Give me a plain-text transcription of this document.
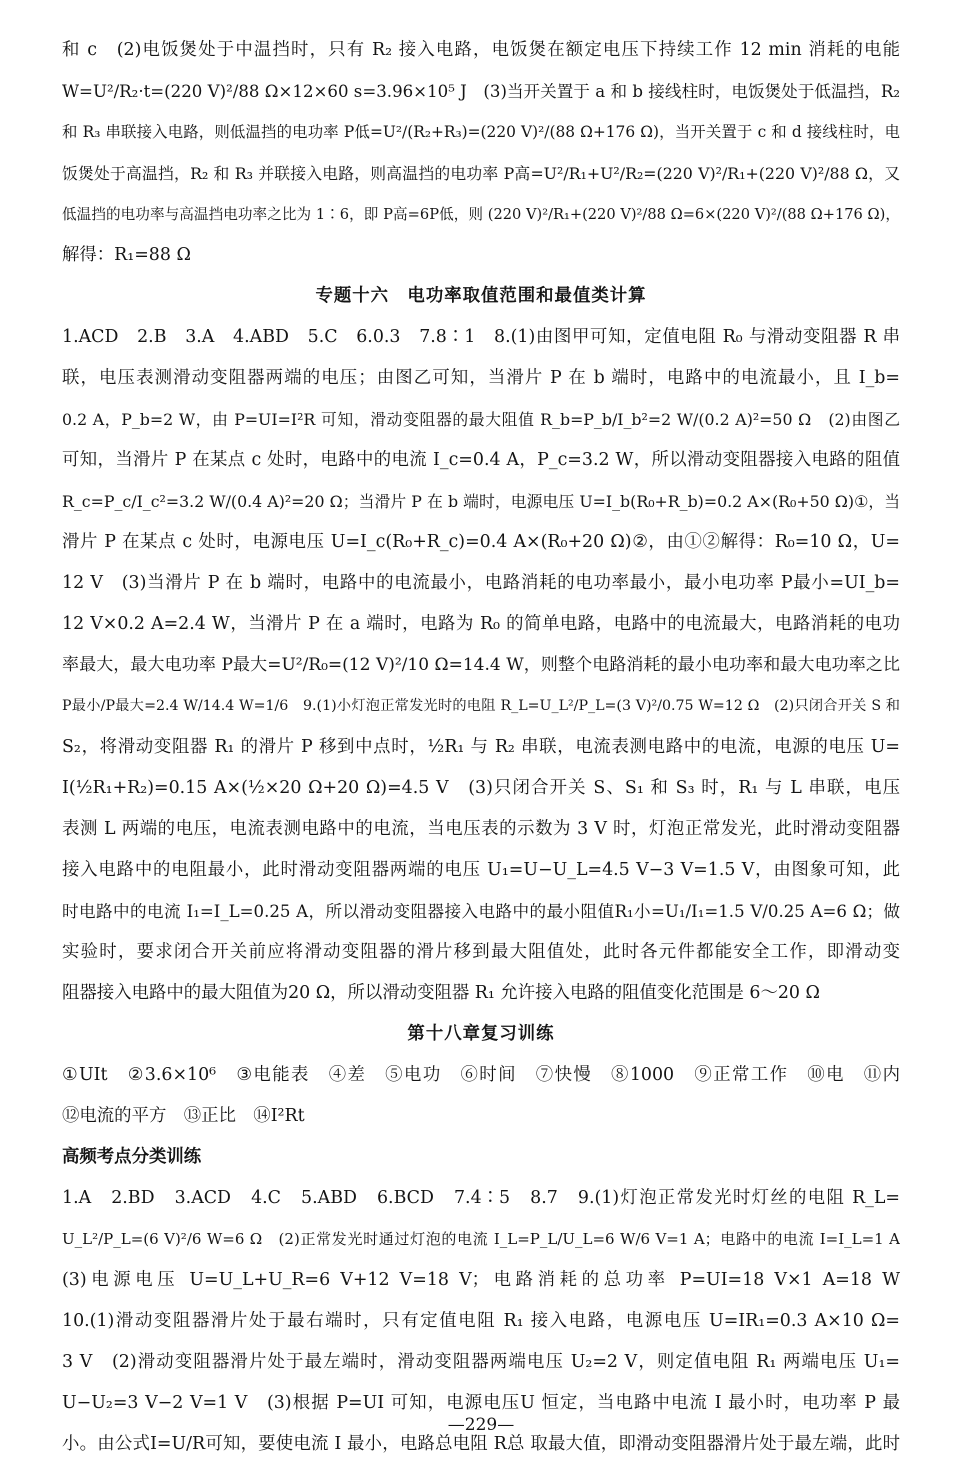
和 c　(2)电饭煲处于中温挡时，只有 R₂ 接入电路，电饭煲在额定电压下持续工作 12 min 消耗的电能
W=U²/R₂·t=(220 V)²/88 Ω×12×60 s=3.96×10⁵ J　(3)当开关置于 a 和 b 接线柱时，电饭煲处于低温挡，R₂
和 R₃ 串联接入电路，则低温挡的电功率 P低=U²/(R₂+R₃)=(220 V)²/(88 Ω+176 Ω)，当开关置于 c 和 d 接线柱时，电
饭煲处于高温挡，R₂ 和 R₃ 并联接入电路，则高温挡的电功率 P高=U²/R₁+U²/R₂=(220 V)²/R₁+(220 V)²/88 Ω，又
低温挡的电功率与高温挡电功率之比为 1∶6，即 P高=6P低，则 (220 V)²/R₁+(220 V)²/88 Ω=6×(220 V)²/(88 Ω+176 Ω)，
解得：R₁=88 Ω
专题十六　电功率取值范围和最值类计算
1.ACD　2.B　3.A　4.ABD　5.C　6.0.3　7.8∶1　8.(1)由图甲可知，定值电阻 R₀ 与滑动变阻器 R 串
联，电压表测滑动变阻器两端的电压；由图乙可知，当滑片 P 在 b 端时，电路中的电流最小，且 I_b=
0.2 A，P_b=2 W，由 P=UI=I²R 可知，滑动变阻器的最大阻值 R_b=P_b/I_b²=2 W/(0.2 A)²=50 Ω　(2)由图乙
可知，当滑片 P 在某点 c 处时，电路中的电流 I_c=0.4 A，P_c=3.2 W，所以滑动变阻器接入电路的阻值
R_c=P_c/I_c²=3.2 W/(0.4 A)²=20 Ω；当滑片 P 在 b 端时，电源电压 U=I_b(R₀+R_b)=0.2 A×(R₀+50 Ω)①，当
滑片 P 在某点 c 处时，电源电压 U=I_c(R₀+R_c)=0.4 A×(R₀+20 Ω)②，由①②解得：R₀=10 Ω，U=
12 V　(3)当滑片 P 在 b 端时，电路中的电流最小，电路消耗的电功率最小，最小电功率 P最小=UI_b=
12 V×0.2 A=2.4 W，当滑片 P 在 a 端时，电路为 R₀ 的简单电路，电路中的电流最大，电路消耗的电功
率最大，最大电功率 P最大=U²/R₀=(12 V)²/10 Ω=14.4 W，则整个电路消耗的最小电功率和最大电功率之比
P最小/P最大=2.4 W/14.4 W=1/6　9.(1)小灯泡正常发光时的电阻 R_L=U_L²/P_L=(3 V)²/0.75 W=12 Ω　(2)只闭合开关 S 和
S₂，将滑动变阻器 R₁ 的滑片 P 移到中点时，½R₁ 与 R₂ 串联，电流表测电路中的电流，电源的电压 U=
I(½R₁+R₂)=0.15 A×(½×20 Ω+20 Ω)=4.5 V　(3)只闭合开关 S、S₁ 和 S₃ 时，R₁ 与 L 串联，电压
表测 L 两端的电压，电流表测电路中的电流，当电压表的示数为 3 V 时，灯泡正常发光，此时滑动变阻器
接入电路中的电阻最小，此时滑动变阻器两端的电压 U₁=U−U_L=4.5 V−3 V=1.5 V，由图象可知，此
时电路中的电流 I₁=I_L=0.25 A，所以滑动变阻器接入电路中的最小阻值R₁小=U₁/I₁=1.5 V/0.25 A=6 Ω；做
实验时，要求闭合开关前应将滑动变阻器的滑片移到最大阻值处，此时各元件都能安全工作，即滑动变
阻器接入电路中的最大阻值为20 Ω，所以滑动变阻器 R₁ 允许接入电路的阻值变化范围是 6～20 Ω
第十八章复习训练
①UIt　②3.6×10⁶　③电能表　④差　⑤电功　⑥时间　⑦快慢　⑧1000　⑨正常工作　⑩电　⑪内
⑫电流的平方　⑬正比　⑭I²Rt
高频考点分类训练
1.A　2.BD　3.ACD　4.C　5.ABD　6.BCD　7.4∶5　8.7　9.(1)灯泡正常发光时灯丝的电阻 R_L=
U_L²/P_L=(6 V)²/6 W=6 Ω　(2)正常发光时通过灯泡的电流 I_L=P_L/U_L=6 W/6 V=1 A；电路中的电流 I=I_L=1 A
(3)电源电压 U=U_L+U_R=6 V+12 V=18 V；电路消耗的总功率 P=UI=18 V×1 A=18 W
10.(1)滑动变阻器滑片处于最右端时，只有定值电阻 R₁ 接入电路，电源电压 U=IR₁=0.3 A×10 Ω=
3 V　(2)滑动变阻器滑片处于最左端时，滑动变阻器两端电压 U₂=2 V，则定值电阻 R₁ 两端电压 U₁=
U−U₂=3 V−2 V=1 V　(3)根据 P=UI 可知，电源电压U 恒定，当电路中电流 I 最小时，电功率 P 最
小。由公式I=U/R可知，要使电流 I 最小，电路总电阻 R总 取最大值，即滑动变阻器滑片处于最左端，此时
—229—
